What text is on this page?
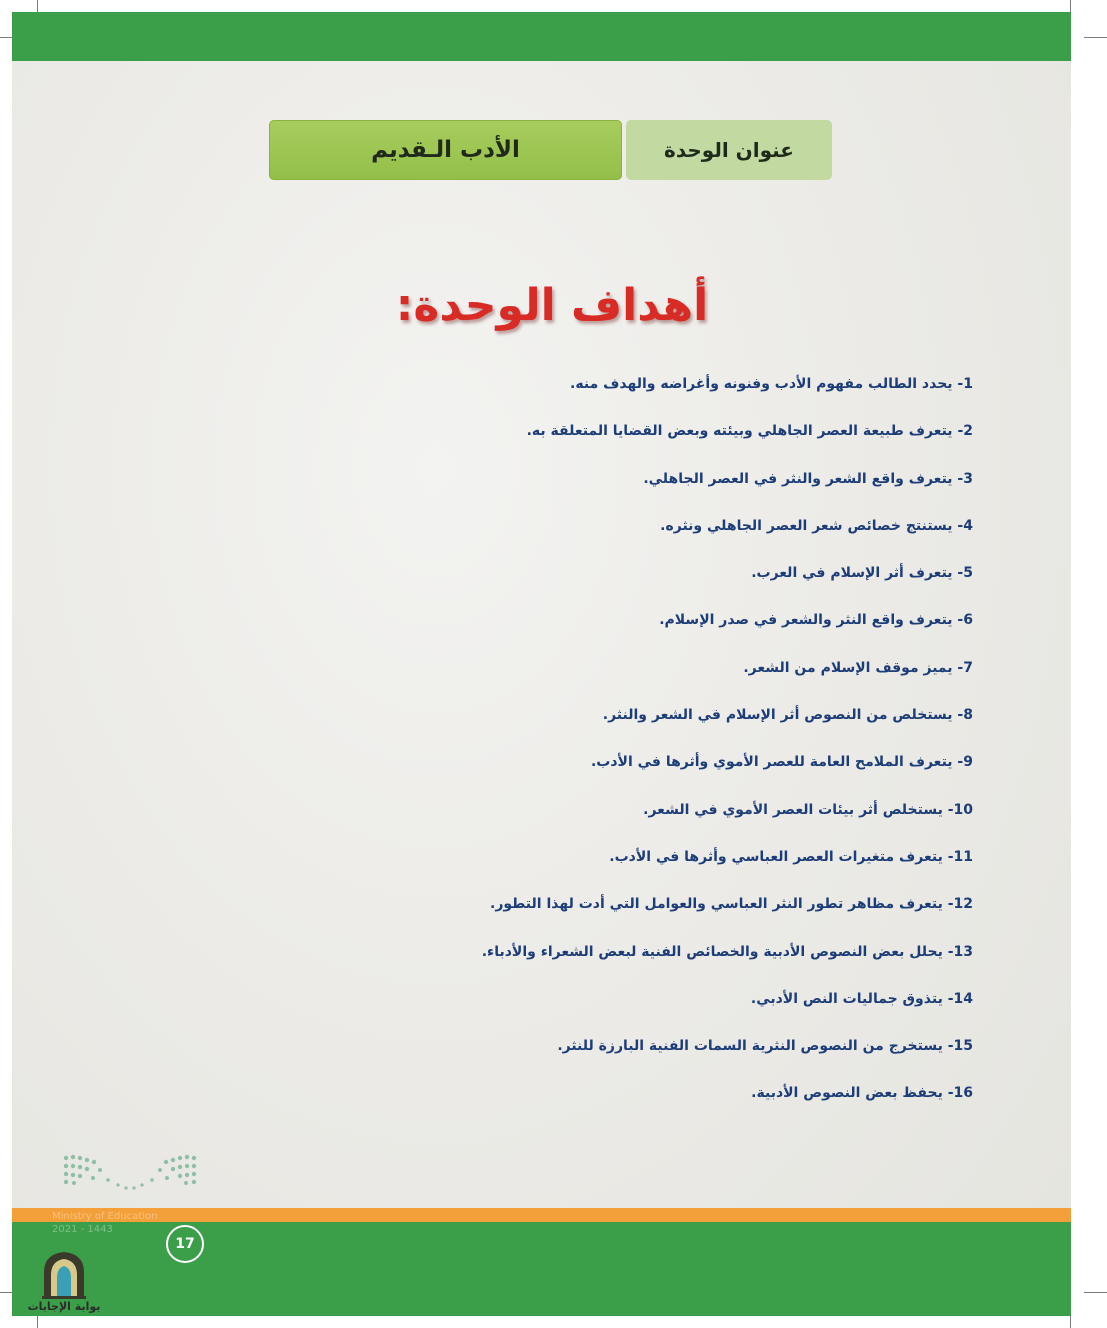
عنوان الوحدة
الأدب الـقديم
أهداف الوحدة:
1- يحدد الطالب مفهوم الأدب وفنونه وأغراضه والهدف منه.
2- يتعرف طبيعة العصر الجاهلي وبيئته وبعض القضايا المتعلقة به.
3- يتعرف واقع الشعر والنثر في العصر الجاهلي.
4- يستنتج خصائص شعر العصر الجاهلي ونثره.
5- يتعرف أثر الإسلام في العرب.
6- يتعرف واقع النثر والشعر في صدر الإسلام.
7- يميز موقف الإسلام من الشعر.
8- يستخلص من النصوص أثر الإسلام في الشعر والنثر.
9- يتعرف الملامح العامة للعصر الأموي وأثرها في الأدب.
10- يستخلص أثر بيئات العصر الأموي في الشعر.
11- يتعرف متغيرات العصر العباسي وأثرها في الأدب.
12- يتعرف مظاهر تطور النثر العباسي والعوامل التي أدت لهذا التطور.
13- يحلل بعض النصوص الأدبية والخصائص الفنية لبعض الشعراء والأدباء.
14- يتذوق جماليات النص الأدبي.
15- يستخرج من النصوص النثرية السمات الفنية البارزة للنثر.
16- يحفظ بعض النصوص الأدبية.
Ministry of Education
2021 - 1443
17
بوابة الإجابات
